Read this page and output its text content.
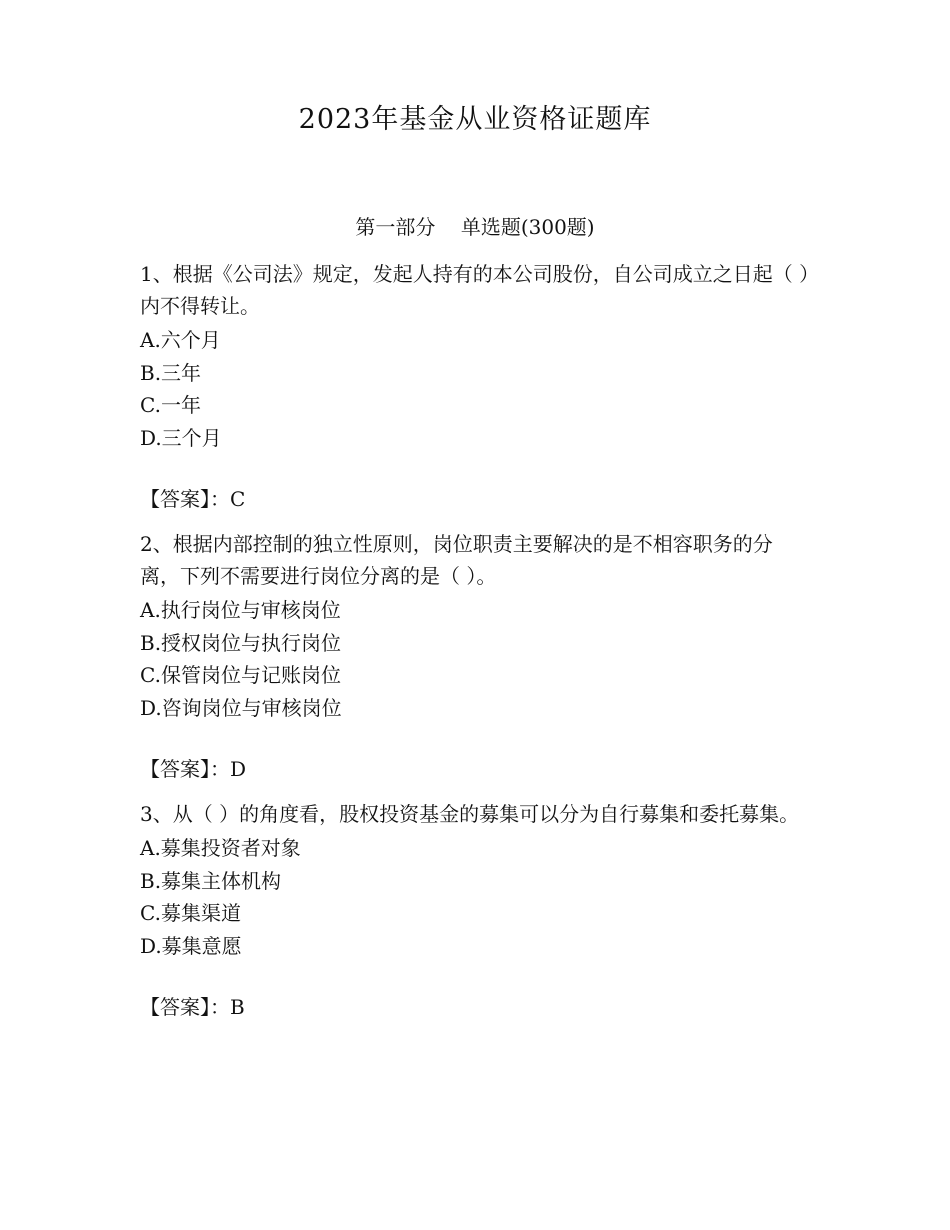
2023年基金从业资格证题库
第一部分    单选题(300题)

1、根据《公司法》规定，发起人持有的本公司股份，自公司成立之日起（ ）内不得转让。

A.六个月
B.三年
C.一年
D.三个月

【答案】：C

2、根据内部控制的独立性原则，岗位职责主要解决的是不相容职务的分离，下列不需要进行岗位分离的是（ ）。

A.执行岗位与审核岗位
B.授权岗位与执行岗位
C.保管岗位与记账岗位
D.咨询岗位与审核岗位

【答案】：D

3、从（ ）的角度看，股权投资基金的募集可以分为自行募集和委托募集。

A.募集投资者对象
B.募集主体机构
C.募集渠道
D.募集意愿

【答案】：B
